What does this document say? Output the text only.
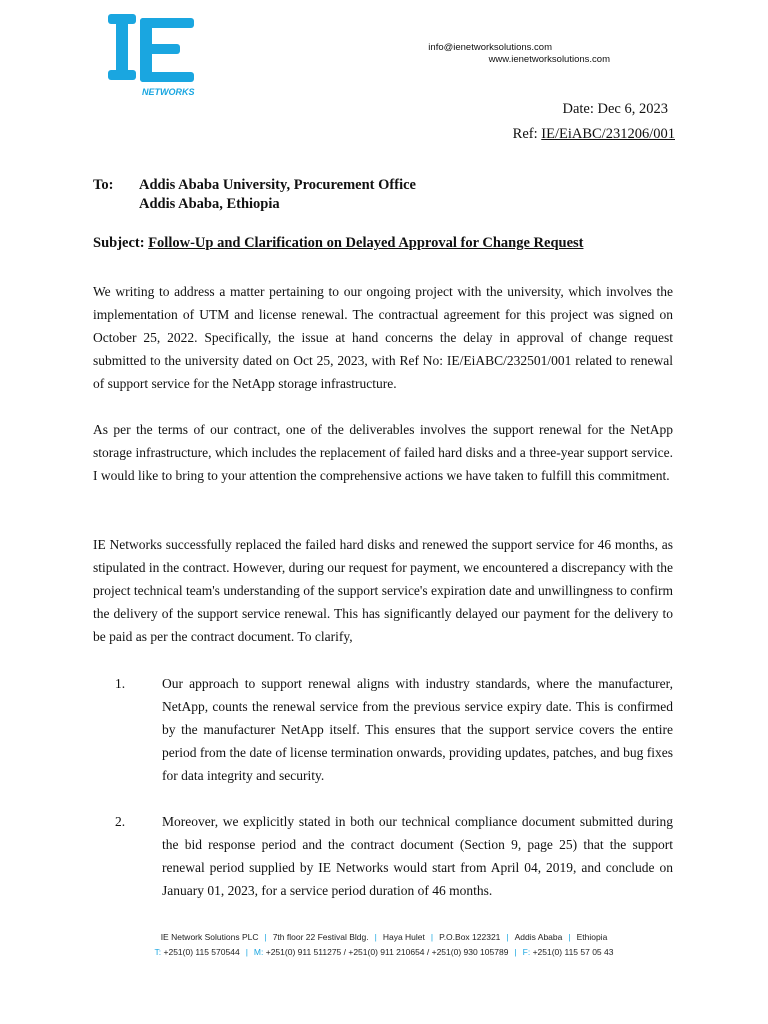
NETWORKS
info@ienetworksolutions.com
www.ienetworksolutions.com
Date: Dec 6, 2023
Ref: IE/EiABC/231206/001
To: Addis Ababa University, Procurement Office
Addis Ababa, Ethiopia
Subject: Follow-Up and Clarification on Delayed Approval for Change Request

We writing to address a matter pertaining to our ongoing project with the university, which involves the implementation of UTM and license renewal. The contractual agreement for this project was signed on October 25, 2022. Specifically, the issue at hand concerns the delay in approval of change request submitted to the university dated on Oct 25, 2023, with Ref No: IE/EiABC/232501/001 related to renewal of support service for the NetApp storage infrastructure.

As per the terms of our contract, one of the deliverables involves the support renewal for the NetApp storage infrastructure, which includes the replacement of failed hard disks and a three-year support service. I would like to bring to your attention the comprehensive actions we have taken to fulfill this commitment.

IE Networks successfully replaced the failed hard disks and renewed the support service for 46 months, as stipulated in the contract. However, during our request for payment, we encountered a discrepancy with the project technical team's understanding of the support service's expiration date and unwillingness to confirm the delivery of the support service renewal. This has significantly delayed our payment for the delivery to be paid as per the contract document. To clarify,

1.	Our approach to support renewal aligns with industry standards, where the manufacturer, NetApp, counts the renewal service from the previous service expiry date. This is confirmed by the manufacturer NetApp itself. This ensures that the support service covers the entire period from the date of license termination onwards, providing updates, patches, and bug fixes for data integrity and security.
2.	Moreover, we explicitly stated in both our technical compliance document submitted during the bid response period and the contract document (Section 9, page 25) that the support renewal period supplied by IE Networks would start from April 04, 2019, and conclude on January 01, 2023, for a service period duration of 46 months.
IE Network Solutions PLC | 7th floor 22 Festival Bldg. | Haya Hulet | P.O.Box 122321 | Addis Ababa | Ethiopia
T: +251(0) 115 570544 | M: +251(0) 911 511275 / +251(0) 911 210654 / +251(0) 930 105789 | F: +251(0) 115 57 05 43
